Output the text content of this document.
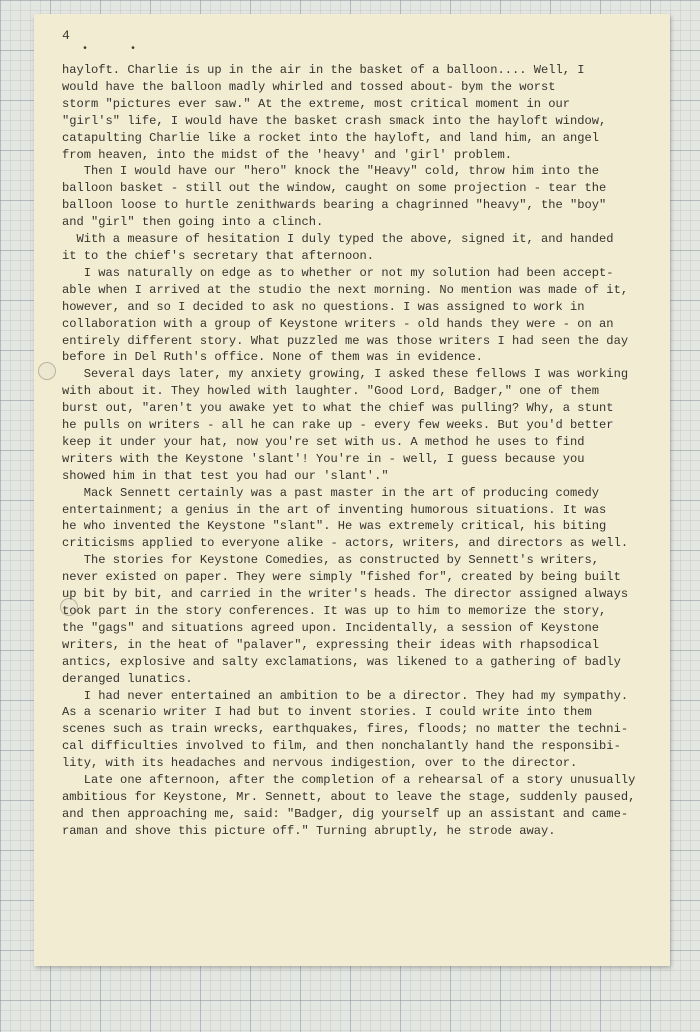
4
• •
hayloft. Charlie is up in the air in the basket of a balloon.... Well, I
would have the balloon madly whirled and tossed about- bym the worst
storm "pictures ever saw." At the extreme, most critical moment in our
"girl's" life, I would have the basket crash smack into the hayloft window,
catapulting Charlie like a rocket into the hayloft, and land him, an angel
from heaven, into the midst of the 'heavy' and 'girl' problem.
Then I would have our "hero" knock the "Heavy" cold, throw him into the
balloon basket - still out the window, caught on some projection - tear the
balloon loose to hurtle zenithwards bearing a chagrinned "heavy", the "boy"
and "girl" then going into a clinch.
With a measure of hesitation I duly typed the above, signed it, and handed
it to the chief's secretary that afternoon.
I was naturally on edge as to whether or not my solution had been accept-
able when I arrived at the studio the next morning. No mention was made of it,
however, and so I decided to ask no questions. I was assigned to work in
collaboration with a group of Keystone writers - old hands they were - on an
entirely different story. What puzzled me was those writers I had seen the day
before in Del Ruth's office. None of them was in evidence.
Several days later, my anxiety growing, I asked these fellows I was working
with about it. They howled with laughter. "Good Lord, Badger," one of them
burst out, "aren't you awake yet to what the chief was pulling? Why, a stunt
he pulls on writers - all he can rake up - every few weeks. But you'd better
keep it under your hat, now you're set with us. A method he uses to find
writers with the Keystone 'slant'! You're in - well, I guess because you
showed him in that test you had our 'slant'."
Mack Sennett certainly was a past master in the art of producing comedy
entertainment; a genius in the art of inventing humorous situations. It was
he who invented the Keystone "slant". He was extremely critical, his biting
criticisms applied to everyone alike - actors, writers, and directors as well.
The stories for Keystone Comedies, as constructed by Sennett's writers,
never existed on paper. They were simply "fished for", created by being built
up bit by bit, and carried in the writer's heads. The director assigned always
took part in the story conferences. It was up to him to memorize the story,
the "gags" and situations agreed upon. Incidentally, a session of Keystone
writers, in the heat of "palaver", expressing their ideas with rhapsodical
antics, explosive and salty exclamations, was likened to a gathering of badly
deranged lunatics.
I had never entertained an ambition to be a director. They had my sympathy.
As a scenario writer I had but to invent stories. I could write into them
scenes such as train wrecks, earthquakes, fires, floods; no matter the techni-
cal difficulties involved to film, and then nonchalantly hand the responsibi-
lity, with its headaches and nervous indigestion, over to the director.
Late one afternoon, after the completion of a rehearsal of a story unusually
ambitious for Keystone, Mr. Sennett, about to leave the stage, suddenly paused,
and then approaching me, said: "Badger, dig yourself up an assistant and came-
raman and shove this picture off." Turning abruptly, he strode away.
